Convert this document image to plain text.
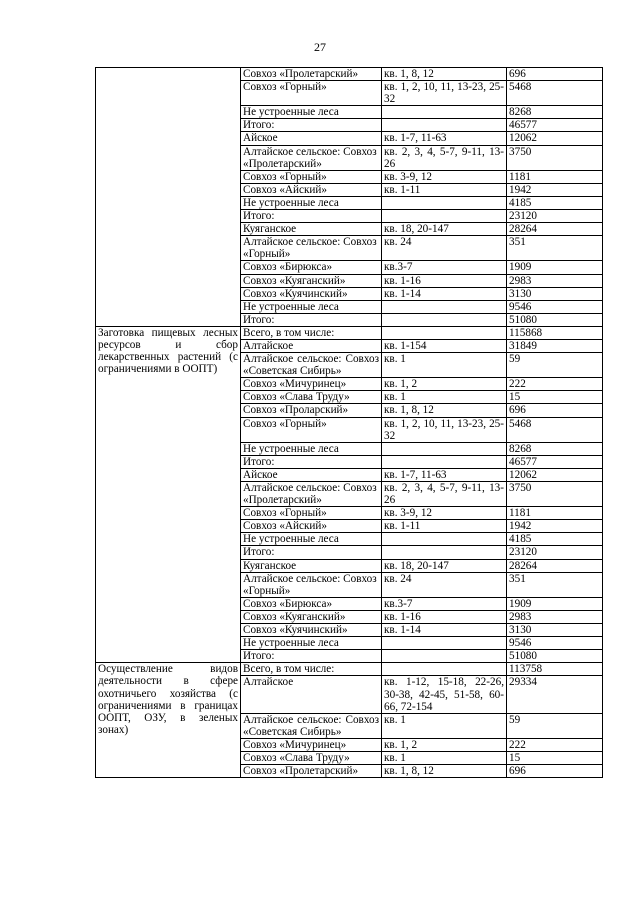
27
	Совхоз «Пролетарский»	кв. 1, 8, 12	696
	Совхоз «Горный»	кв. 1, 2, 10, 11, 13-23, 25-32	5468
	Не устроенные леса		8268
	Итого:		46577
	Айское	кв. 1-7, 11-63	12062
	Алтайское сельское: Совхоз «Пролетарский»	кв. 2, 3, 4, 5-7, 9-11, 13-26	3750
	Совхоз «Горный»	кв. 3-9, 12	1181
	Совхоз «Айский»	кв. 1-11	1942
	Не устроенные леса		4185
	Итого:		23120
	Куяганское	кв. 18, 20-147	28264
	Алтайское сельское: Совхоз «Горный»	кв. 24	351
	Совхоз «Бирюкса»	кв.3-7	1909
	Совхоз «Куяганский»	кв. 1-16	2983
	Совхоз «Куячинский»	кв. 1-14	3130
	Не устроенные леса		9546
	Итого:		51080
Заготовка пищевых лесных ресурсов и сбор лекарственных растений (с ограничениями в ООПТ)	Всего, в том числе:		115868
	Алтайское	кв. 1-154	31849
	Алтайское сельское: Совхоз «Советская Сибирь»	кв. 1	59
	Совхоз «Мичуринец»	кв. 1, 2	222
	Совхоз «Слава Труду»	кв. 1	15
	Совхоз «Проларский»	кв. 1, 8, 12	696
	Совхоз «Горный»	кв. 1, 2, 10, 11, 13-23, 25-32	5468
	Не устроенные леса		8268
	Итого:		46577
	Айское	кв. 1-7, 11-63	12062
	Алтайское сельское: Совхоз «Пролетарский»	кв. 2, 3, 4, 5-7, 9-11, 13-26	3750
	Совхоз «Горный»	кв. 3-9, 12	1181
	Совхоз «Айский»	кв. 1-11	1942
	Не устроенные леса		4185
	Итого:		23120
	Куяганское	кв. 18, 20-147	28264
	Алтайское сельское: Совхоз «Горный»	кв. 24	351
	Совхоз «Бирюкса»	кв.3-7	1909
	Совхоз «Куяганский»	кв. 1-16	2983
	Совхоз «Куячинский»	кв. 1-14	3130
	Не устроенные леса		9546
	Итого:		51080
Осуществление видов деятельности в сфере охотничьего хозяйства (с ограничениями в границах ООПТ, ОЗУ, в зеленых зонах)	Всего, в том числе:		113758
	Алтайское	кв. 1-12, 15-18, 22-26, 30-38, 42-45, 51-58, 60-66, 72-154	29334
	Алтайское сельское: Совхоз «Советская Сибирь»	кв. 1	59
	Совхоз «Мичуринец»	кв. 1, 2	222
	Совхоз «Слава Труду»	кв. 1	15
	Совхоз «Пролетарский»	кв. 1, 8, 12	696
